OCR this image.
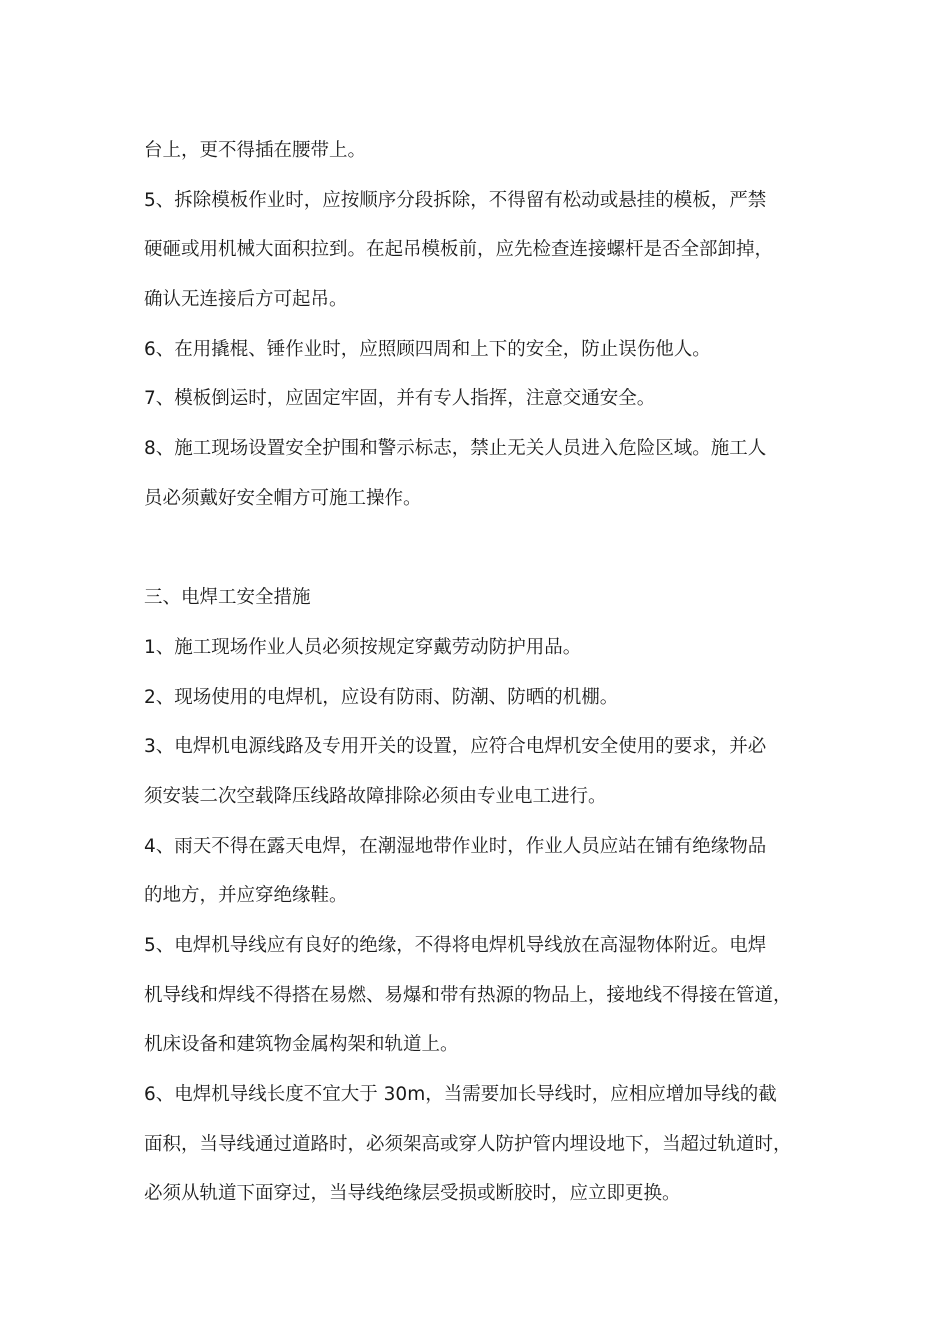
台上，更不得插在腰带上。
5、拆除模板作业时，应按顺序分段拆除，不得留有松动或悬挂的模板，严禁
硬砸或用机械大面积拉到。在起吊模板前，应先检查连接螺杆是否全部卸掉，
确认无连接后方可起吊。
6、在用撬棍、锤作业时，应照顾四周和上下的安全，防止误伤他人。
7、模板倒运时，应固定牢固，并有专人指挥，注意交通安全。
8、施工现场设置安全护围和警示标志，禁止无关人员进入危险区域。施工人
员必须戴好安全帽方可施工操作。
三、电焊工安全措施
1、施工现场作业人员必须按规定穿戴劳动防护用品。
2、现场使用的电焊机，应设有防雨、防潮、防晒的机棚。
3、电焊机电源线路及专用开关的设置，应符合电焊机安全使用的要求，并必
须安装二次空载降压线路故障排除必须由专业电工进行。
4、雨天不得在露天电焊，在潮湿地带作业时，作业人员应站在铺有绝缘物品
的地方，并应穿绝缘鞋。
5、电焊机导线应有良好的绝缘，不得将电焊机导线放在高湿物体附近。电焊
机导线和焊线不得搭在易燃、易爆和带有热源的物品上，接地线不得接在管道，
机床设备和建筑物金属构架和轨道上。
6、电焊机导线长度不宜大于 30m，当需要加长导线时，应相应增加导线的截
面积，当导线通过道路时，必须架高或穿人防护管内埋设地下，当超过轨道时，
必须从轨道下面穿过，当导线绝缘层受损或断胶时，应立即更换。
